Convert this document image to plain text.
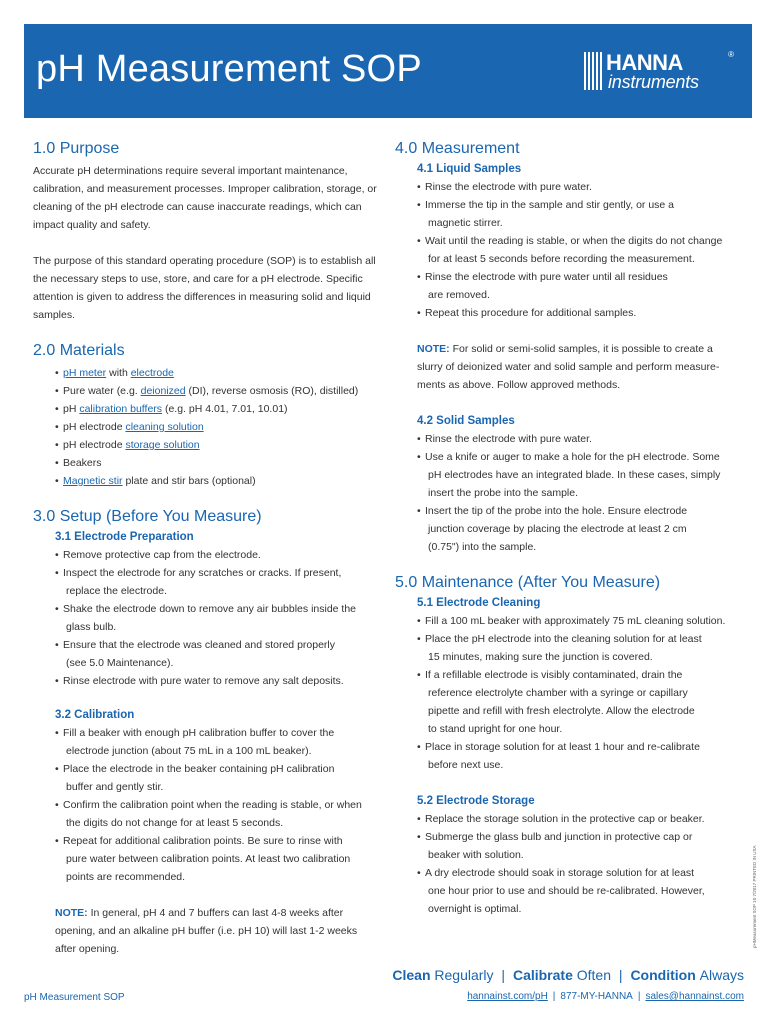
pH Measurement SOP	HANNA
instruments
®
1.0 Purpose

Accurate pH determinations require several important maintenance, calibration, and measurement processes. Improper calibration, storage, or cleaning of the pH electrode can cause inaccurate readings, which can impact quality and safety.

The purpose of this standard operating procedure (SOP) is to establish all the necessary steps to use, store, and care for a pH electrode. Specific attention is given to address the differences in measuring solid and liquid samples.

2.0 Materials
• pH meter with electrode
• Pure water (e.g. deionized (DI), reverse osmosis (RO), distilled)
• pH calibration buffers (e.g. pH 4.01, 7.01, 10.01)
• pH electrode cleaning solution
• pH electrode storage solution
• Beakers
• Magnetic stir plate and stir bars (optional)
3.0 Setup (Before You Measure)
3.1 Electrode Preparation
• Remove protective cap from the electrode.
• Inspect the electrode for any scratches or cracks. If present,
replace the electrode.
• Shake the electrode down to remove any air bubbles inside the
glass bulb.
• Ensure that the electrode was cleaned and stored properly
(see 5.0 Maintenance).
• Rinse electrode with pure water to remove any salt deposits.
3.2 Calibration
• Fill a beaker with enough pH calibration buffer to cover the
electrode junction (about 75 mL in a 100 mL beaker).
• Place the electrode in the beaker containing pH calibration
buffer and gently stir.
• Confirm the calibration point when the reading is stable, or when
the digits do not change for at least 5 seconds.
• Repeat for additional calibration points. Be sure to rinse with
pure water between calibration points. At least two calibration
points are recommended.

NOTE: In general, pH 4 and 7 buffers can last 4-8 weeks after opening, and an alkaline pH buffer (i.e. pH 10) will last 1-2 weeks after opening.

4.0 Measurement
4.1 Liquid Samples
• Rinse the electrode with pure water.
• Immerse the tip in the sample and stir gently, or use a
magnetic stirrer.
• Wait until the reading is stable, or when the digits do not change
for at least 5 seconds before recording the measurement.
• Rinse the electrode with pure water until all residues
are removed.
• Repeat this procedure for additional samples.

NOTE: For solid or semi-solid samples, it is possible to create a slurry of deionized water and solid sample and perform measure-ments as above. Follow approved methods.

4.2 Solid Samples
• Rinse the electrode with pure water.
• Use a knife or auger to make a hole for the pH electrode. Some
pH electrodes have an integrated blade. In these cases, simply
insert the probe into the sample.
• Insert the tip of the probe into the hole. Ensure electrode
junction coverage by placing the electrode at least 2 cm
(0.75") into the sample.
5.0 Maintenance (After You Measure)
5.1 Electrode Cleaning
• Fill a 100 mL beaker with approximately 75 mL cleaning solution.
• Place the pH electrode into the cleaning solution for at least
15 minutes, making sure the junction is covered.
• If a refillable electrode is visibly contaminated, drain the
reference electrolyte chamber with a syringe or capillary
pipette and refill with fresh electrolyte. Allow the electrode
to stand upright for one hour.
• Place in storage solution for at least 1 hour and re-calibrate
before next use.
5.2 Electrode Storage
• Replace the storage solution in the protective cap or beaker.
• Submerge the glass bulb and junction in protective cap or
beaker with solution.
• A dry electrode should soak in storage solution for at least
one hour prior to use and should be re-calibrated. However,
overnight is optimal.	pHMeasurement SOP 10 7/2017 PRINTED IN USA
Clean Regularly | Calibrate Often | Condition Always
pH Measurement SOP	hannainst.com/pH | 877-MY-HANNA | sales@hannainst.com
